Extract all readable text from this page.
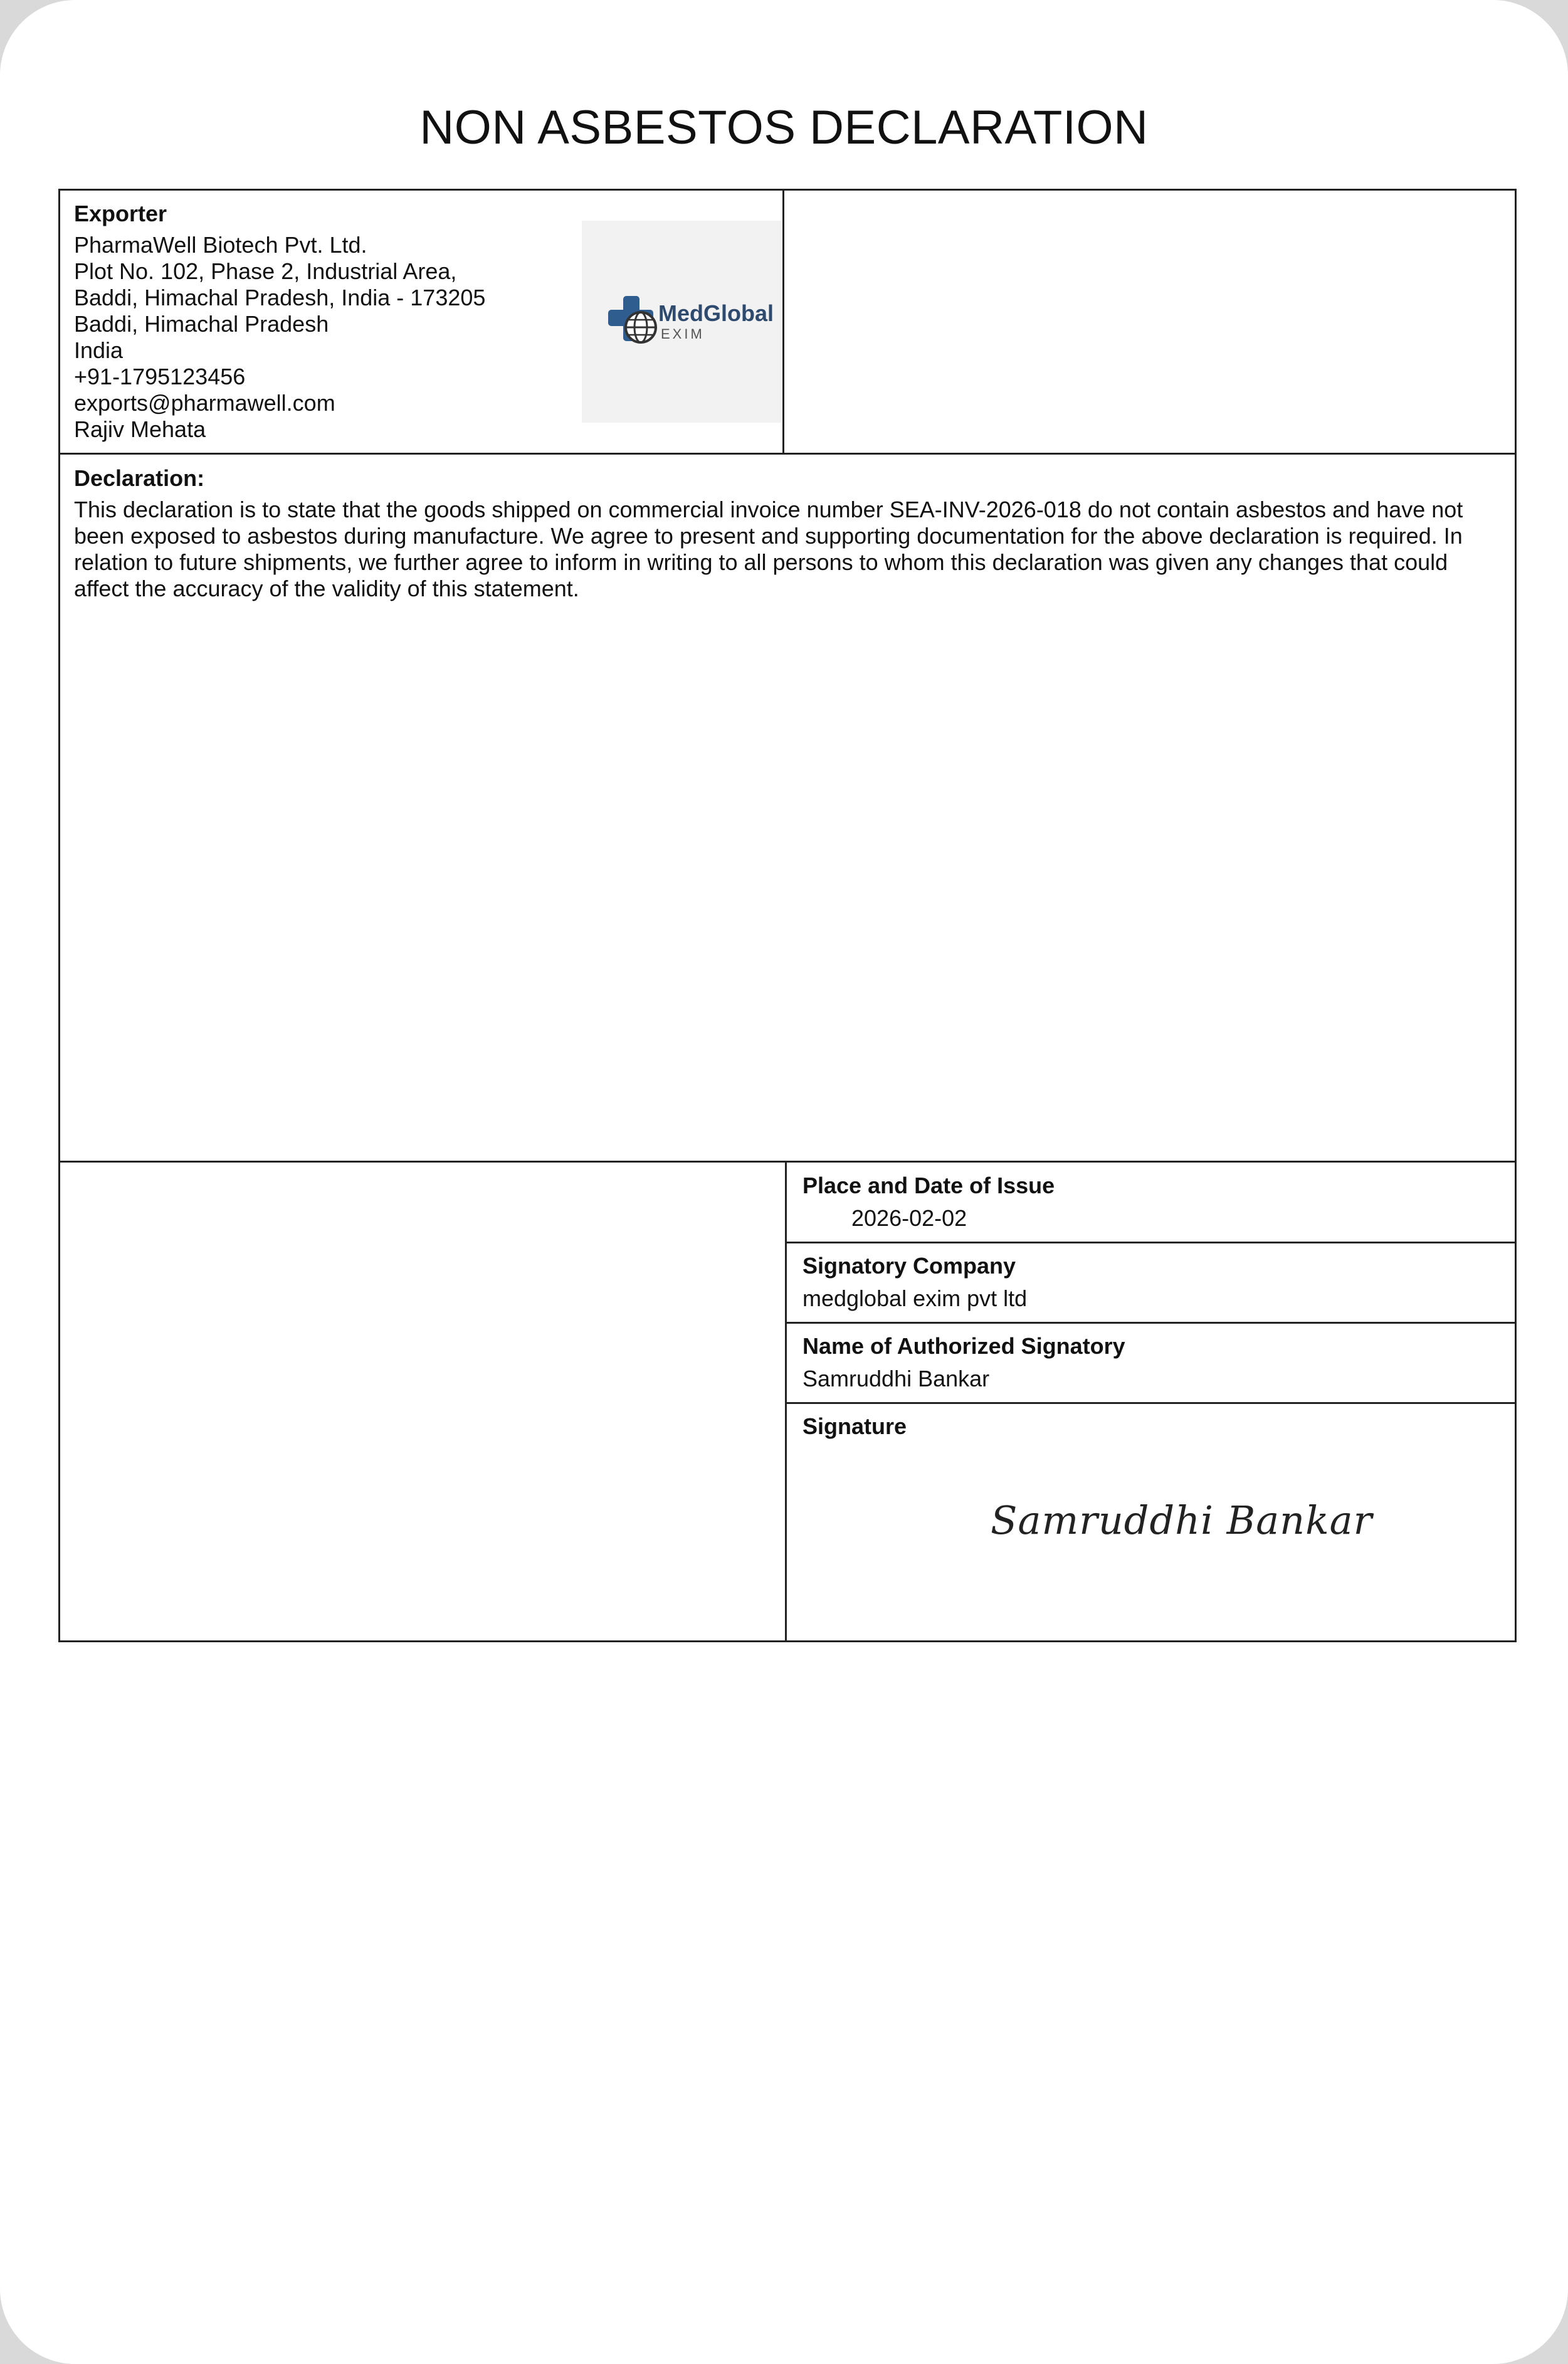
NON ASBESTOS DECLARATION
Exporter
PharmaWell Biotech Pvt. Ltd.
Plot No. 102, Phase 2, Industrial Area,
Baddi, Himachal Pradesh, India - 173205
Baddi, Himachal Pradesh
India
+91-1795123456
exports@pharmawell.com
Rajiv Mehata
MedGlobal
EXIM
Declaration:
This declaration is to state that the goods shipped on commercial invoice number SEA-INV-2026-018 do not contain asbestos and have not been exposed to asbestos during manufacture. We agree to present and supporting documentation for the above declaration is required. In relation to future shipments, we further agree to inform in writing to all persons to whom this declaration was given any changes that could affect the accuracy of the validity of this statement.
Place and Date of Issue
2026-02-02
Signatory Company
medglobal exim pvt ltd
Name of Authorized Signatory
Samruddhi Bankar
Signature
Samruddhi Bankar
